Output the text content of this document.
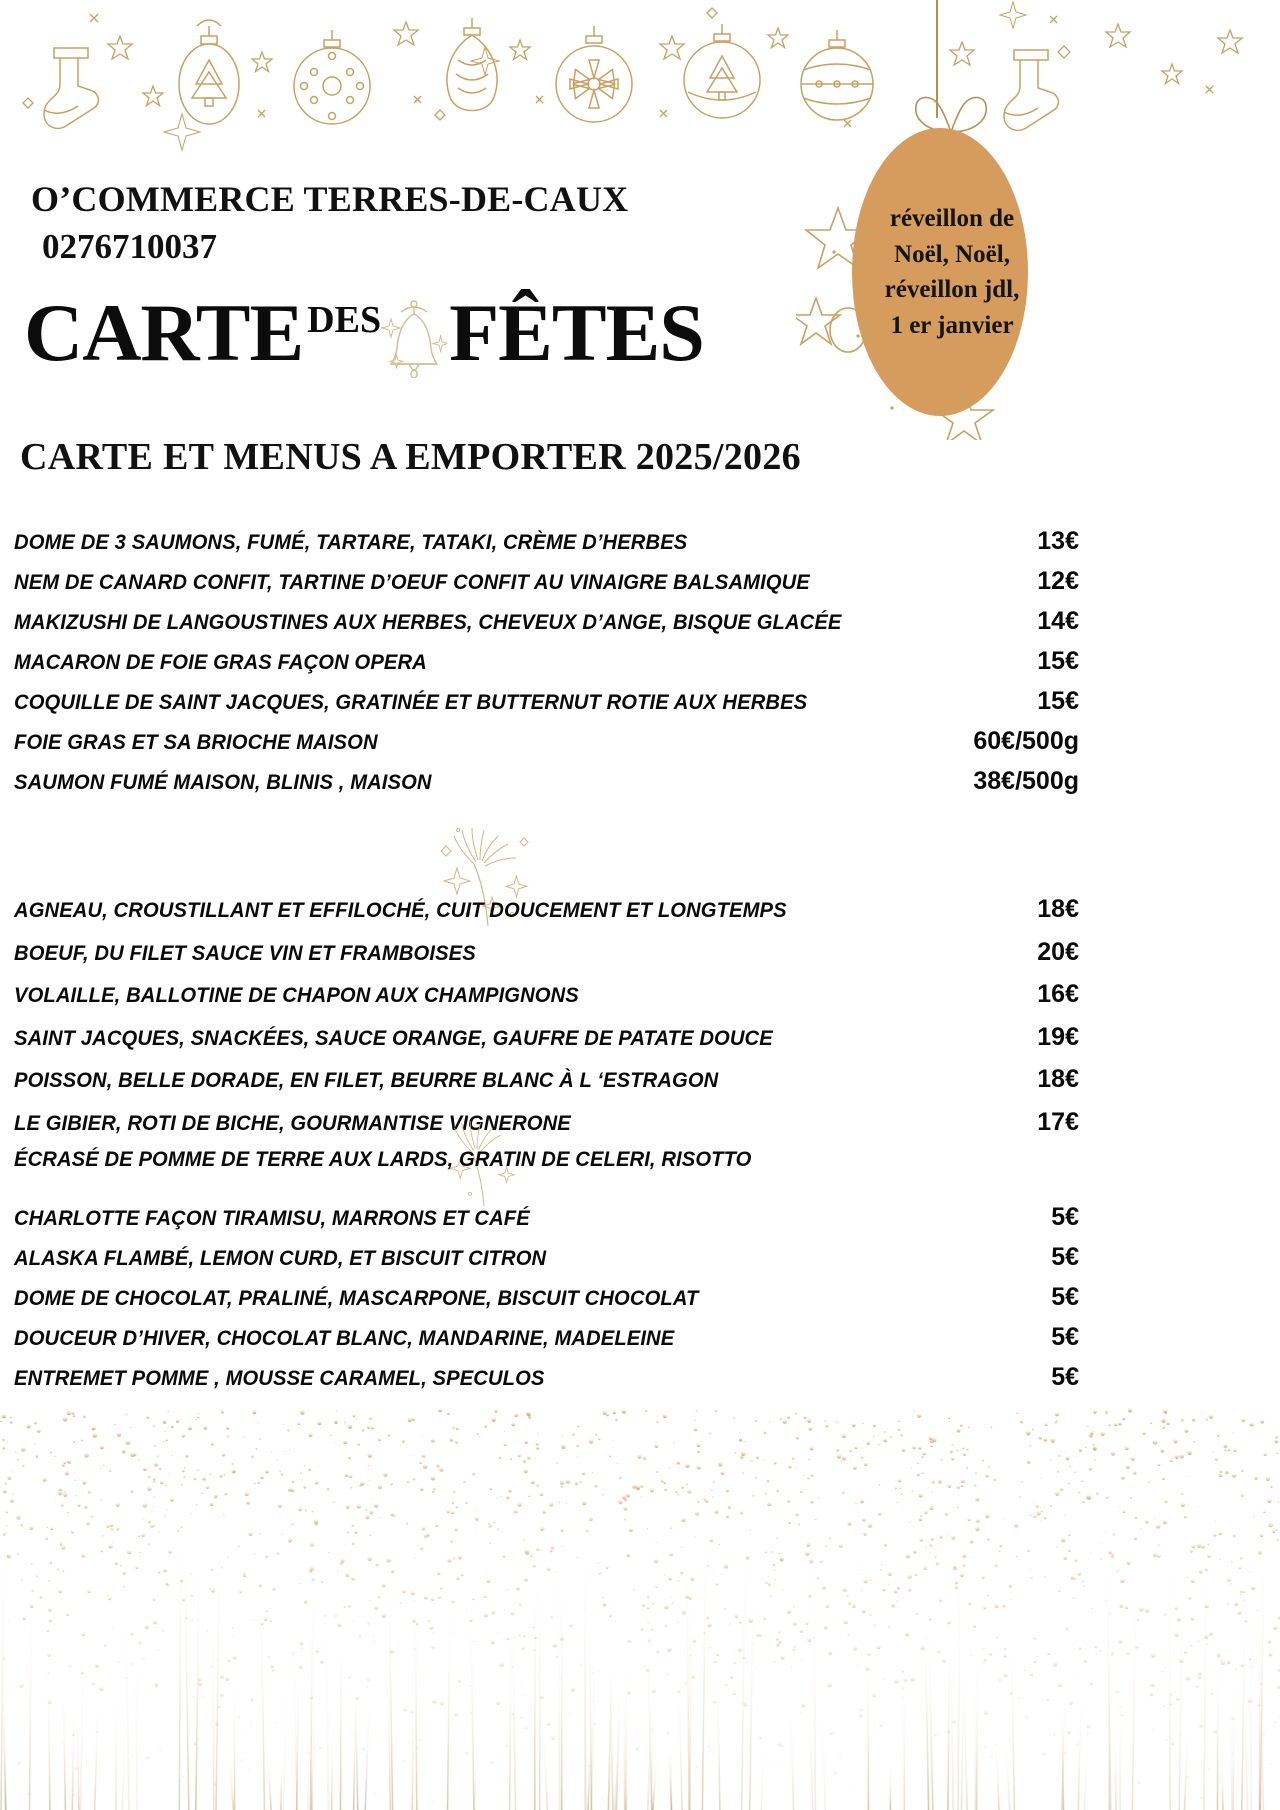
réveillon de Noël, Noël, réveillon jdl, 1 er janvier
O’COMMERCE TERRES-DE-CAUX
0276710037
CARTE DES FÊTES
CARTE ET MENUS A EMPORTER 2025/2026
DOME DE 3 SAUMONS, FUMÉ, TARTARE, TATAKI, CRÈME D’HERBES	13€
NEM DE CANARD CONFIT, TARTINE D’OEUF CONFIT AU VINAIGRE BALSAMIQUE	12€
MAKIZUSHI DE LANGOUSTINES AUX HERBES, CHEVEUX D’ANGE, BISQUE GLACÉE	14€
MACARON DE FOIE GRAS FAÇON OPERA	15€
COQUILLE DE SAINT JACQUES, GRATINÉE ET BUTTERNUT ROTIE AUX HERBES	15€
FOIE GRAS ET SA BRIOCHE MAISON	60€/500g
SAUMON FUMÉ MAISON, BLINIS , MAISON	38€/500g
AGNEAU, CROUSTILLANT ET EFFILOCHÉ, CUIT DOUCEMENT ET LONGTEMPS	18€
BOEUF, DU FILET SAUCE VIN ET FRAMBOISES	20€
VOLAILLE, BALLOTINE DE CHAPON AUX CHAMPIGNONS	16€
SAINT JACQUES, SNACKÉES, SAUCE ORANGE, GAUFRE DE PATATE DOUCE	19€
POISSON, BELLE DORADE, EN FILET, BEURRE BLANC À L ‘ESTRAGON	18€
LE GIBIER, ROTI DE BICHE, GOURMANTISE VIGNERONE	17€
ÉCRASÉ DE POMME DE TERRE AUX LARDS, GRATIN DE CELERI, RISOTTO
CHARLOTTE FAÇON TIRAMISU, MARRONS ET CAFÉ	5€
ALASKA FLAMBÉ, LEMON CURD, ET BISCUIT CITRON	5€
DOME DE CHOCOLAT, PRALINÉ, MASCARPONE, BISCUIT CHOCOLAT	5€
DOUCEUR D’HIVER, CHOCOLAT BLANC, MANDARINE, MADELEINE	5€
ENTREMET POMME , MOUSSE CARAMEL, SPECULOS	5€
